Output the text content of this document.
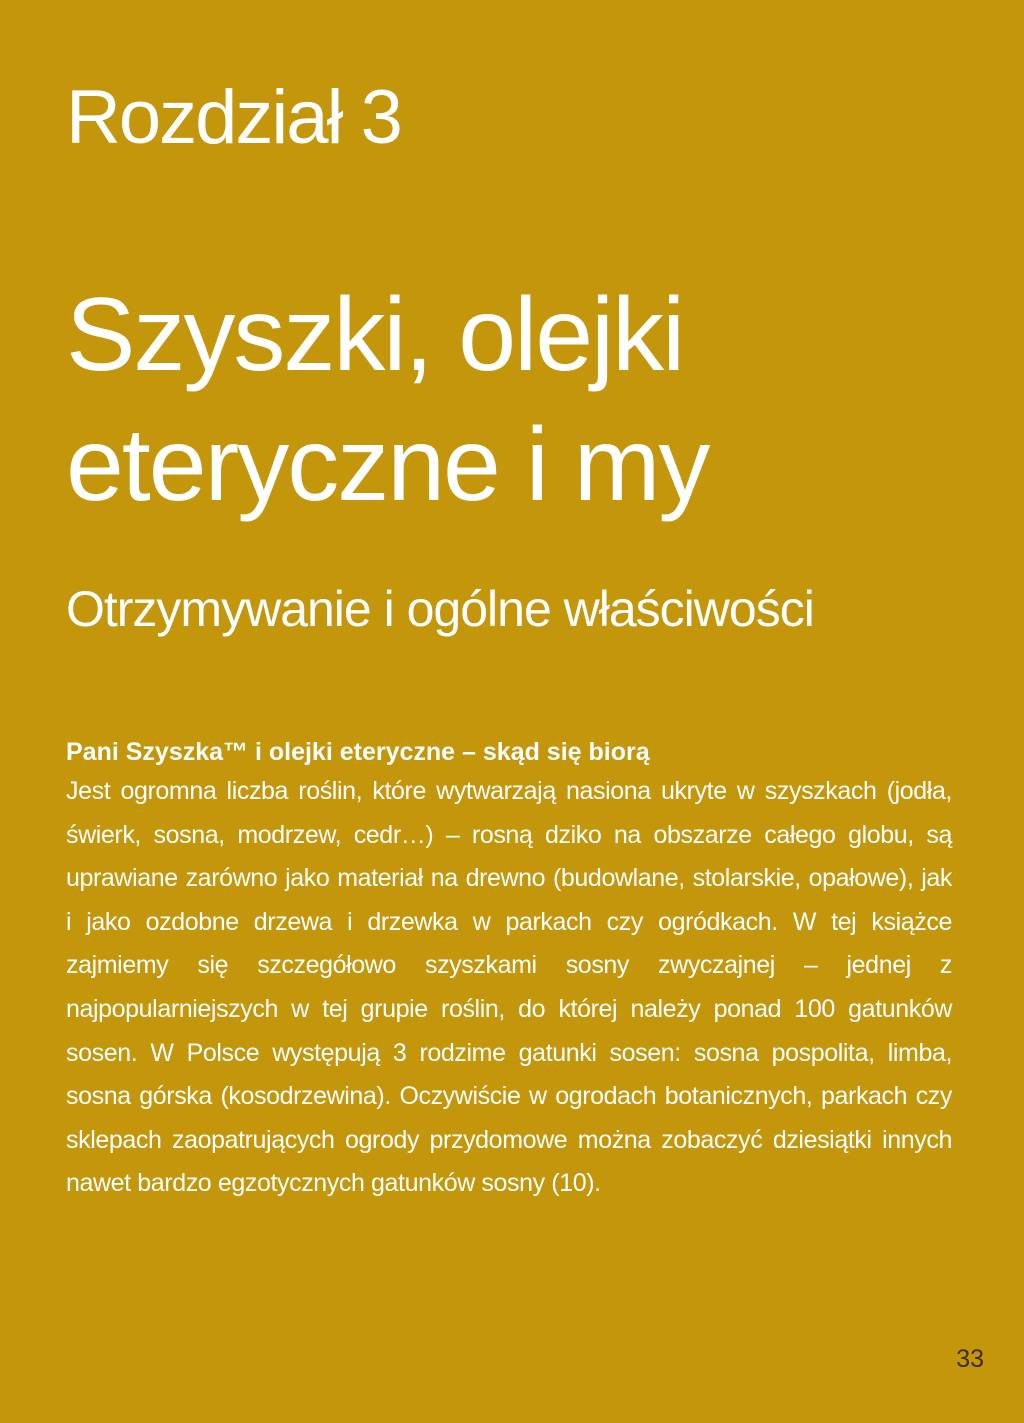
Rozdział 3
Szyszki, olejki eteryczne i my
Otrzymywanie i ogólne właściwości
Pani Szyszka™ i olejki eteryczne – skąd się biorą

Jest ogromna liczba roślin, które wytwarzają nasiona ukryte w szyszkach (jodła, świerk, sosna, modrzew, cedr…) – rosną dziko na obszarze całego globu, są uprawiane zarówno jako materiał na drewno (budowlane, stolarskie, opałowe), jak i jako ozdobne drzewa i drzewka w parkach czy ogródkach. W tej książce zajmiemy się szczegółowo szyszkami sosny zwyczajnej – jednej z najpopularniejszych w tej grupie roślin, do której należy ponad 100 gatunków sosen. W Polsce występują 3 rodzime gatunki sosen: sosna pospolita, limba, sosna górska (kosodrzewina). Oczywiście w ogrodach botanicznych, parkach czy sklepach zaopatrujących ogrody przydomowe można zobaczyć dziesiątki innych nawet bardzo egzotycznych gatunków sosny (10).

33
